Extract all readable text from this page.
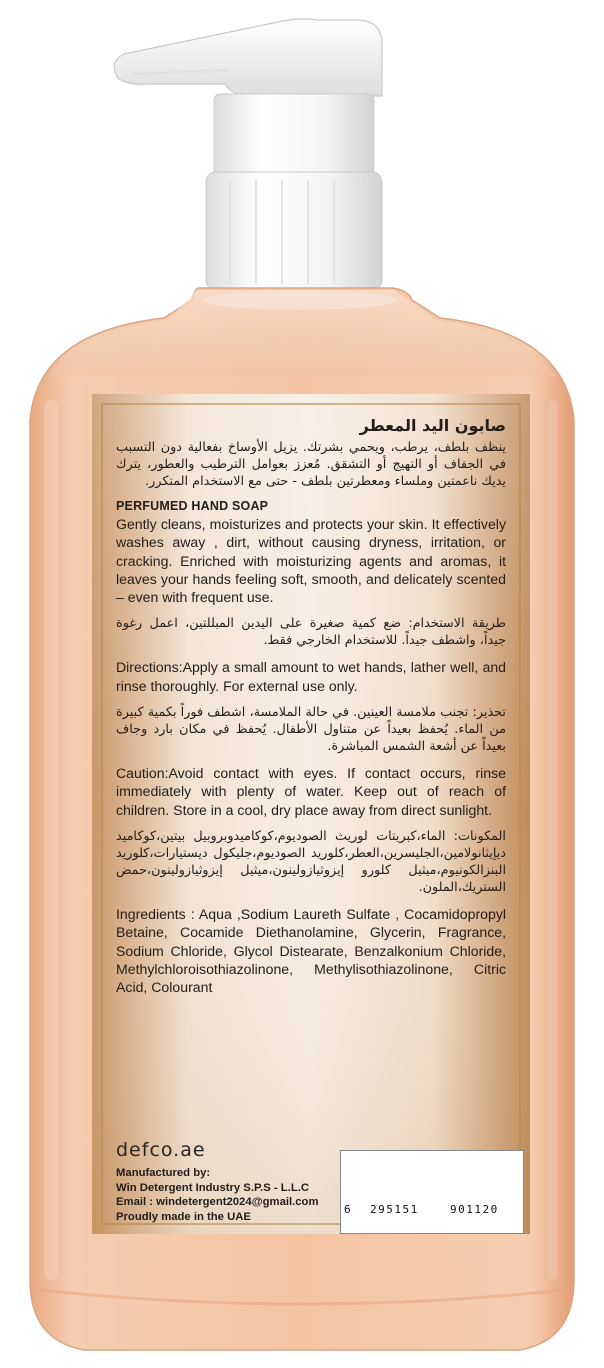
صابون اليد المعطر

ينظف بلطف، يرطب، ويحمي بشرتك. يزيل الأوساخ بفعالية دون التسبب في الجفاف أو التهيج أو التشقق. مُعزز بعوامل الترطيب والعطور، يترك يديك ناعمتين وملساء ومعطرتين بلطف - حتى مع الاستخدام المتكرر.

PERFUMED HAND SOAP

Gently cleans, moisturizes and protects your skin. It effectively washes away , dirt, without causing dryness, irritation, or cracking. Enriched with moisturizing agents and aromas, it leaves your hands feeling soft, smooth, and delicately scented – even with frequent use.

طريقة الاستخدام: ضع كمية صغيرة على اليدين المبللتين، اعمل رغوة جيداً، واشطف جيداً. للاستخدام الخارجي فقط.

Directions:Apply a small amount to wet hands, lather well, and rinse thoroughly. For external use only.

تحذير: تجنب ملامسة العينين. في حالة الملامسة، اشطف فوراً بكمية كبيرة من الماء. يُحفظ بعيداً عن متناول الأطفال. يُحفظ في مكان بارد وجاف بعيداً عن أشعة الشمس المباشرة.

Caution:Avoid contact with eyes. If contact occurs, rinse immediately with plenty of water. Keep out of reach of children. Store in a cool, dry place away from direct sunlight.

المكونات: الماء،كبريتات لوريث الصوديوم،كوكاميدوبروبيل بيتين،كوكاميد ديإيثانولامين،الجليسرين،العطر،كلوريد الصوديوم،جليكول ديستيارات،كلوريد البنزالكونيوم،ميثيل كلورو إيزوثيازولينون،ميثيل إيزوثيازولينون،حمض الستريك،الملون.

Ingredients : Aqua ,Sodium Laureth Sulfate , Cocamidopropyl Betaine, Cocamide Diethanolamine, Glycerin, Fragrance, Sodium Chloride, Glycol Distearate, Benzalkonium Chloride, Methylchloroisothiazolinone, Methylisothiazolinone, Citric Acid, Colourant

defco.ae
Manufactured by:
Win Detergent Industry S.P.S - L.L.C
Email : windetergent2024@gmail.com
Proudly made in the UAE
6 295151	901120
